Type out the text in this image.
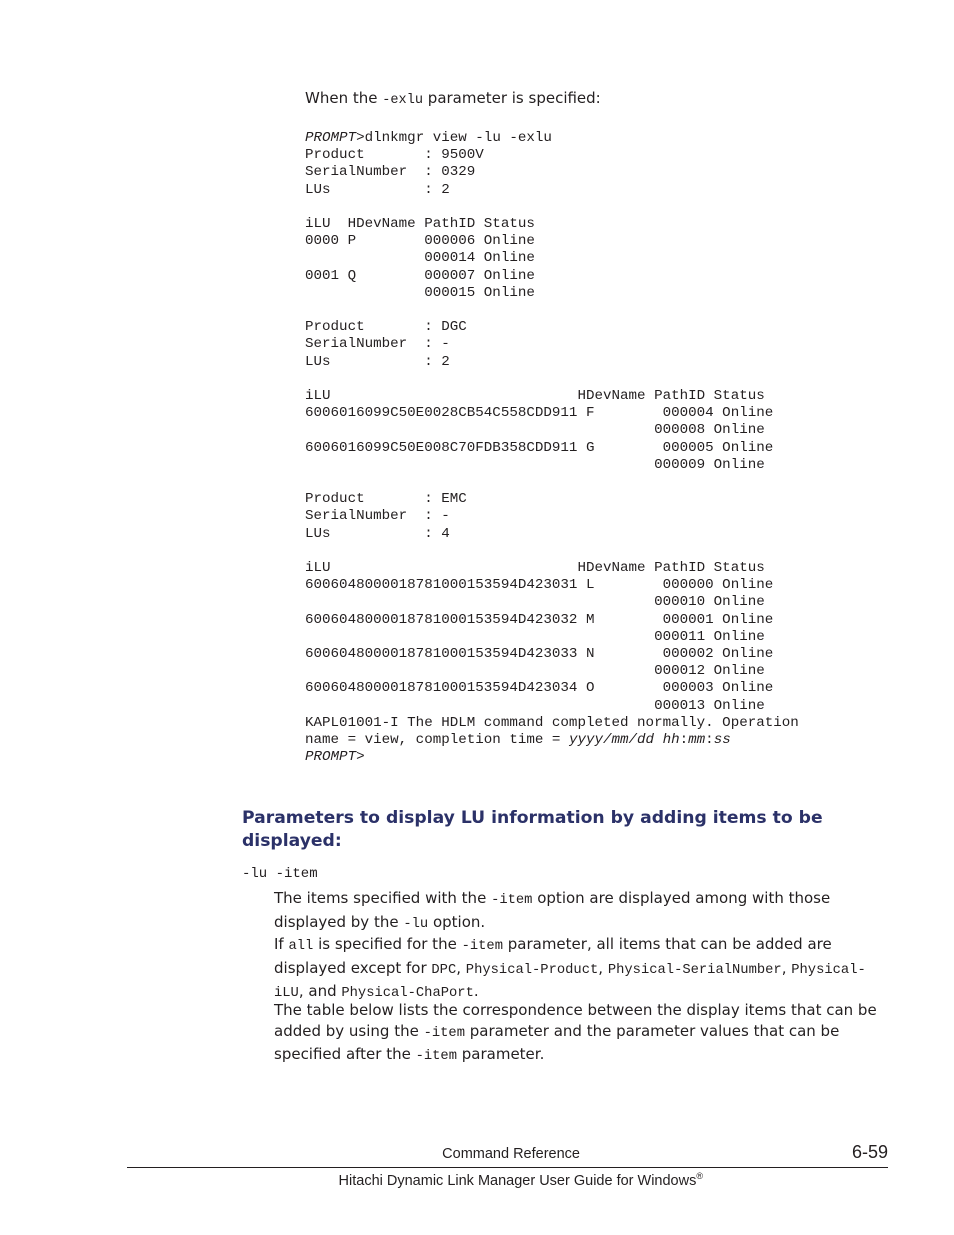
When the -exlu parameter is specified:

PROMPT>dlnkmgr view -lu -exlu
Product       : 9500V
SerialNumber  : 0329
LUs           : 2
iLU  HDevName PathID Status
0000 P        000006 Online
000014 Online
0001 Q        000007 Online
000015 Online
Product       : DGC
SerialNumber  : -
LUs           : 2
iLU                             HDevName PathID Status
6006016099C50E0028CB54C558CDD911 F        000004 Online
000008 Online
6006016099C50E008C70FDB358CDD911 G        000005 Online
000009 Online
Product       : EMC
SerialNumber  : -
LUs           : 4
iLU                             HDevName PathID Status
6006048000018781000153594D423031 L        000000 Online
000010 Online
6006048000018781000153594D423032 M        000001 Online
000011 Online
6006048000018781000153594D423033 N        000002 Online
000012 Online
6006048000018781000153594D423034 O        000003 Online
000013 Online
KAPL01001-I The HDLM command completed normally. Operation
name = view, completion time = yyyy/mm/dd hh:mm:ss
PROMPT>
Parameters to display LU information by adding items to be displayed:

-lu -item

The items specified with the -item option are displayed among with those displayed by the -lu option.

If all is specified for the -item parameter, all items that can be added are displayed except for DPC, Physical-Product, Physical-SerialNumber, Physical-iLU, and Physical-ChaPort.

The table below lists the correspondence between the display items that can be added by using the -item parameter and the parameter values that can be specified after the -item parameter.

Command Reference	6-59

Hitachi Dynamic Link Manager User Guide for Windows®
